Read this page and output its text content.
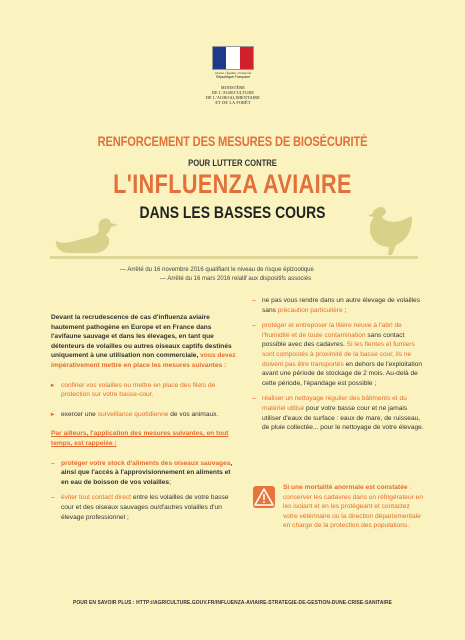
Liberté • Égalité • Fraternité
République Française
MINISTÈRE
DE L'AGRICULTURE
DE L'AGROALIMENTAIRE
ET DE LA FORÊT
RENFORCEMENT DES MESURES DE BIOSÉCURITÉ
POUR LUTTER CONTRE
L'INFLUENZA AVIAIRE
DANS LES BASSES COURS

— Arrêté du 16 novembre 2016 qualifiant le niveau de risque épizootique

— Arrêté du 16 mars 2016 relatif aux dispositifs associés

Devant la recrudescence de cas d'influenza aviaire hautement pathogène en Europe et en France dans l'avifaune sauvage et dans les élevages, en tant que détenteurs de volailles ou autres oiseaux captifs destinés uniquement à une utilisation non commerciale, vous devez impérativement mettre en place les mesures suivantes :

▸ confiner vos volailles ou mettre en place des filets de protection sur votre basse-cour.

▸ exercer une surveillance quotidienne de vos animaux.

Par ailleurs, l'application des mesures suivantes, en tout temps, est rappelée :

– protéger votre stock d'aliments des oiseaux sauvages, ainsi que l'accès à l'approvisionnement en aliments et en eau de boisson de vos volailles;

– éviter tout contact direct entre les volailles de votre basse cour et des oiseaux sauvages ou/d'autres volailles d'un élevage professionnel ;

– ne pas vous rendre dans un autre élevage de volailles sans précaution particulière ;

– protéger et entreposer la litière neuve à l'abri de l'humidité et de toute contamination sans contact possible avec des cadavres. Si les fientes et fumiers sont compostés à proximité de la basse cour, ils ne doivent pas être transportés en dehors de l'exploitation avant une période de stockage de 2 mois. Au-delà de cette période, l'épandage est possible ;

– réaliser un nettoyage régulier des bâtiments et du matériel utilisé pour votre basse cour et ne jamais utiliser d'eaux de surface : eaux de mare, de ruisseau, de pluie collectée... pour le nettoyage de votre élevage.

Si une mortalité anormale est constatée : conserver les cadavres dans un réfrigérateur en les isolant et en les protégeant et contactez votre vétérinaire ou la direction départementale en charge de la protection des populations.

POUR EN SAVOIR PLUS : HTTP://AGRICULTURE.GOUV.FR/INFLUENZA-AVIAIRE-STRATEGIE-DE-GESTION-DUNE-CRISE-SANITAIRE
